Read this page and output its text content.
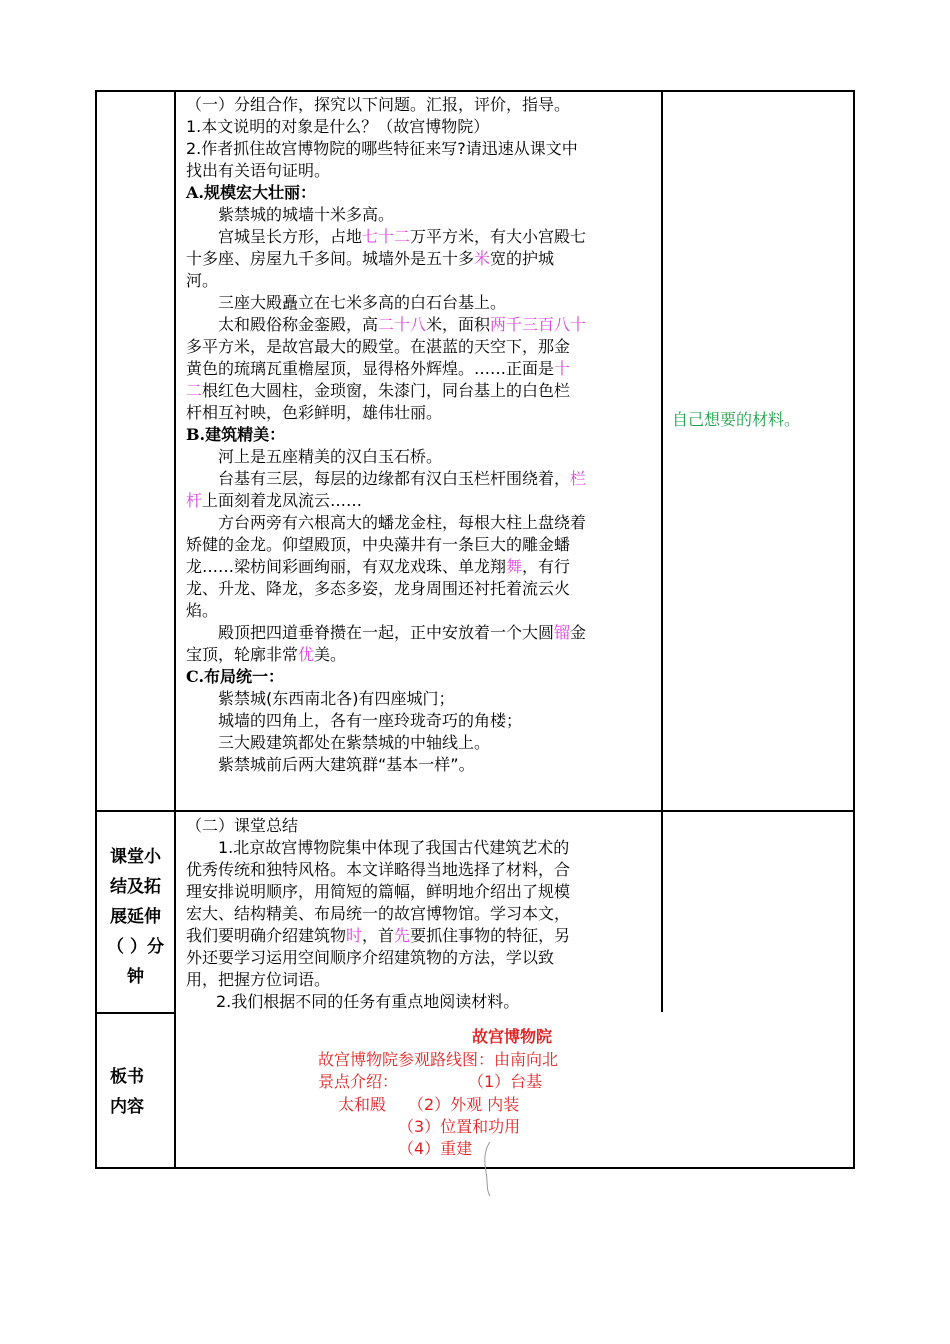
（一）分组合作，探究以下问题。汇报，评价，指导。
1.本文说明的对象是什么？（故宫博物院）
2.作者抓住故宫博物院的哪些特征来写?请迅速从课文中
找出有关语句证明。
A.规模宏大壮丽：
紫禁城的城墙十米多高。
宫城呈长方形，占地七十二万平方米，有大小宫殿七
十多座、房屋九千多间。城墙外是五十多米宽的护城
河。
三座大殿矗立在七米多高的白石台基上。
太和殿俗称金銮殿，高二十八米，面积两千三百八十
多平方米，是故宫最大的殿堂。在湛蓝的天空下，那金
黄色的琉璃瓦重檐屋顶，显得格外辉煌。……正面是十
二根红色大圆柱，金琐窗，朱漆门，同台基上的白色栏
杆相互衬映，色彩鲜明，雄伟壮丽。
B.建筑精美：
河上是五座精美的汉白玉石桥。
台基有三层，每层的边缘都有汉白玉栏杆围绕着，栏
杆上面刻着龙凤流云……
方台两旁有六根高大的蟠龙金柱，每根大柱上盘绕着
矫健的金龙。仰望殿顶，中央藻井有一条巨大的雕金蟠
龙……梁枋间彩画绚丽，有双龙戏珠、单龙翔舞，有行
龙、升龙、降龙，多态多姿，龙身周围还衬托着流云火
焰。
殿顶把四道垂脊攒在一起，正中安放着一个大圆镏金
宝顶，轮廓非常优美。
C.布局统一：
紫禁城(东西南北各)有四座城门；
城墙的四角上，各有一座玲珑奇巧的角楼；
三大殿建筑都处在紫禁城的中轴线上。
紫禁城前后两大建筑群“基本一样”。
自己想要的材料。
课堂小
结及拓
展延伸
（ ）分
钟
（二）课堂总结
1.北京故宫博物院集中体现了我国古代建筑艺术的
优秀传统和独特风格。本文详略得当地选择了材料，合
理安排说明顺序，用简短的篇幅，鲜明地介绍出了规模
宏大、结构精美、布局统一的故宫博物馆。学习本文，
我们要明确介绍建筑物时，首先要抓住事物的特征，另
外还要学习运用空间顺序介绍建筑物的方法，学以致
用，把握方位词语。
2.我们根据不同的任务有重点地阅读材料。
板书
内容
故宫博物院
故宫博物院参观路线图：由南向北
景点介绍：	（1）台基
太和殿 （2）外观 内装
（3）位置和功用
（4）重建
